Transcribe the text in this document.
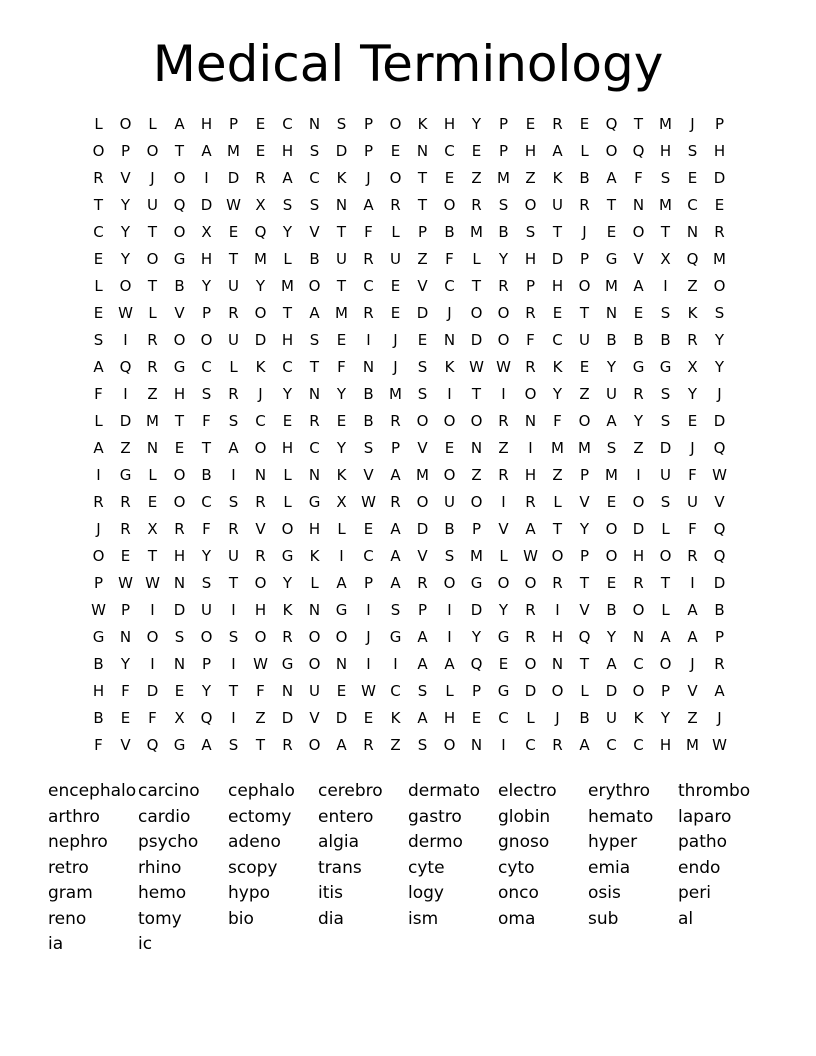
Medical Terminology
L	O	L	A	H	P	E	C	N	S	P	O	K	H	Y	P	E	R	E	Q	T	M	J	P
O	P	O	T	A	M	E	H	S	D	P	E	N	C	E	P	H	A	L	O	Q	H	S	H
R	V	J	O	I	D	R	A	C	K	J	O	T	E	Z	M	Z	K	B	A	F	S	E	D
T	Y	U	Q	D W X	S	S	N	A	R	T	O	R	S	O	U	R	T	N M	C	E
C	Y	T	O	X	E	Q	Y	V	T	F	L	P	B	M	B	S	T	J	E	O	T	N	R
E	Y	O	G	H	T	M	L	B	U	R	U	Z	F	L	Y	H	D	P	G	V	X	Q M
L	O	T	B	Y	U	Y	M O	T	C	E	V	C	T	R	P	H	O M	A	I	Z	O
E W	L	V	P	R	O	T	A	M	R	E	D	J	O	O	R	E	T	N	E	S	K	S
S	I	R	O	O	U	D	H	S	E	I	J	E	N	D	O	F	C	U	B	B	B	R	Y
A	Q	R	G	C	L	K	C	T	F	N	J	S	K W W R	K	E	Y	G	G	X	Y
F	I	Z	H	S	R	J	Y	N	Y	B	M	S	I	T	I	O	Y	Z	U	R	S	Y	J
L	D M	T	F	S	C	E	R	E	B	R	O	O	O	R	N	F	O	A	Y	S	E	D
A	Z	N	E	T	A	O	H	C	Y	S	P	V	E	N	Z	I	M M	S	Z	D	J	Q
I	G	L	O	B	I	N	L	N	K	V	A	M O	Z	R	H	Z	P	M	I	U	F	W
R	R	E	O	C	S	R	L	G	X W R	O	U	O	I	R	L	V	E	O	S	U	V
J	R	X	R	F	R	V	O	H	L	E	A	D	B	P	V	A	T	Y	O	D	L	F	Q
O	E	T	H	Y	U	R	G	K	I	C	A	V	S	M	L	W O	P	O	H	O	R	Q
P	W W N	S	T	O	Y	L	A	P	A	R	O	G	O	O	R	T	E	R	T	I	D
W	P	I	D	U	I	H	K	N	G	I	S	P	I	D	Y	R	I	V	B	O	L	A	B
G	N	O	S	O	S	O	R	O	O	J	G	A	I	Y	G	R	H	Q	Y	N	A	A	P
B	Y	I	N	P	I	W G	O	N	I	I	A	A	Q	E	O	N	T	A	C	O	J	R
H	F	D	E	Y	T	F	N	U	E W C	S	L	P	G	D	O	L	D	O	P	V	A
B	E	F	X	Q	I	Z	D	V	D	E	K	A	H	E	C	L	J	B	U	K	Y	Z	J
F	V	Q	G	A	S	T	R	O	A	R	Z	S	O	N	I	C	R	A	C	C	H M W
encephalo carcino	cephalo	cerebro	dermato	electro	erythro	thrombo
arthro	cardio	ectomy	entero	gastro	globin	hemato	laparo
nephro	psycho	adeno	algia	dermo	gnoso	hyper	patho
retro	rhino	scopy	trans	cyte	cyto	emia	endo
gram	hemo	hypo	itis	logy	onco	osis	peri
reno	tomy	bio	dia	ism	oma	sub	al
ia	ic
